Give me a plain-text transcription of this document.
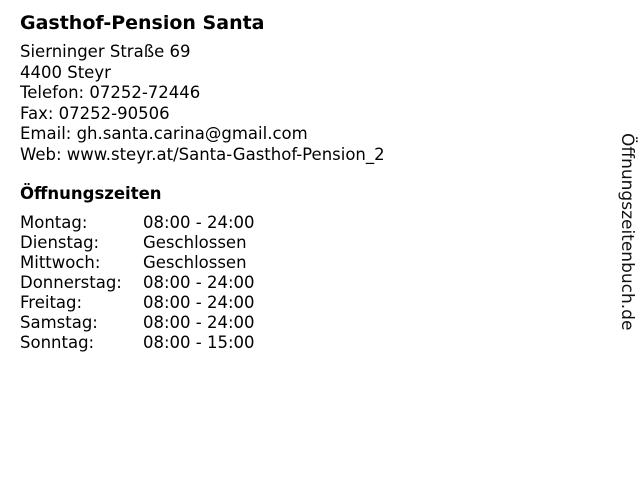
Gasthof-Pension Santa
Sierninger Straße 69
4400 Steyr
Telefon: 07252-72446
Fax: 07252-90506
Email: gh.santa.carina@gmail.com
Web: www.steyr.at/Santa-Gasthof-Pension_2
Öffnungszeiten
Montag:	08:00 - 24:00
Dienstag:	Geschlossen
Mittwoch:	Geschlossen
Donnerstag:	08:00 - 24:00
Freitag:	08:00 - 24:00
Samstag:	08:00 - 24:00
Sonntag:	08:00 - 15:00
Öffnungszeitenbuch.de
